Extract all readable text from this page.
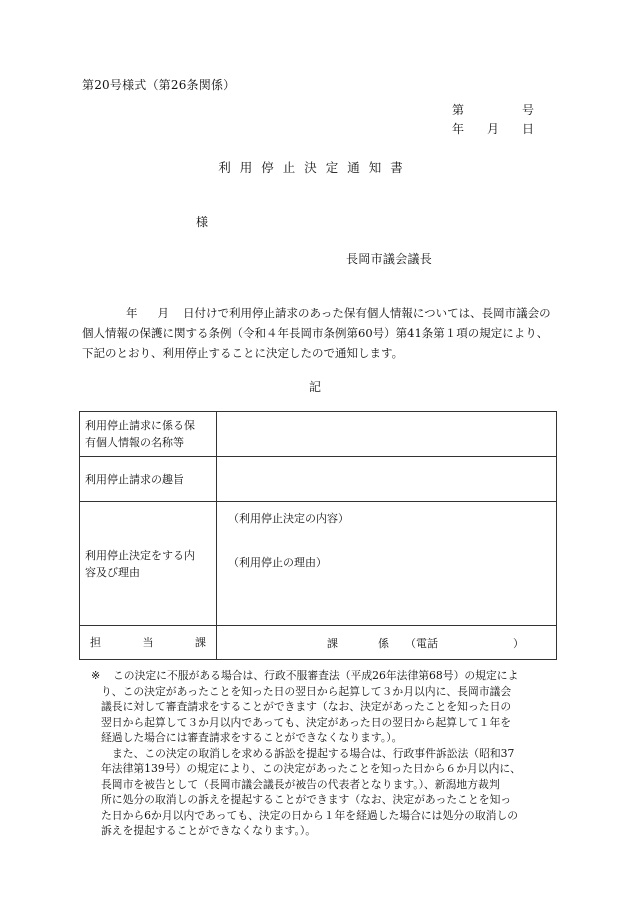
第20号様式（第26条関係）
第	号
年 月 日
利用停止決定通知書
様
長岡市議会議長

年 月 日付けで利用停止請求のあった保有個人情報については、長岡市議会の

個人情報の保護に関する条例（令和４年長岡市条例第60号）第41条第１項の規定により、

下記のとおり、利用停止することに決定したので通知します。

記
利用停止請求に係る保
有個人情報の名称等	

利用停止請求の趣旨	

利用停止決定をする内
容及び理由	（利用停止決定の内容）
（利用停止の理由）

担 当 課	課 係 （電話 ）

※ この決定に不服がある場合は、行政不服審査法（平成26年法律第68号）の規定によ

り、この決定があったことを知った日の翌日から起算して３か月以内に、長岡市議会

議長に対して審査請求をすることができます（なお、決定があったことを知った日の

翌日から起算して３か月以内であっても、決定があった日の翌日から起算して１年を

経過した場合には審査請求をすることができなくなります。）。

また、この決定の取消しを求める訴訟を提起する場合は、行政事件訴訟法（昭和37

年法律第139号）の規定により、この決定があったことを知った日から６か月以内に、

長岡市を被告として（長岡市議会議長が被告の代表者となります。）、新潟地方裁判

所に処分の取消しの訴えを提起することができます（なお、決定があったことを知っ

た日から6か月以内であっても、決定の日から１年を経過した場合には処分の取消しの

訴えを提起することができなくなります。）。
